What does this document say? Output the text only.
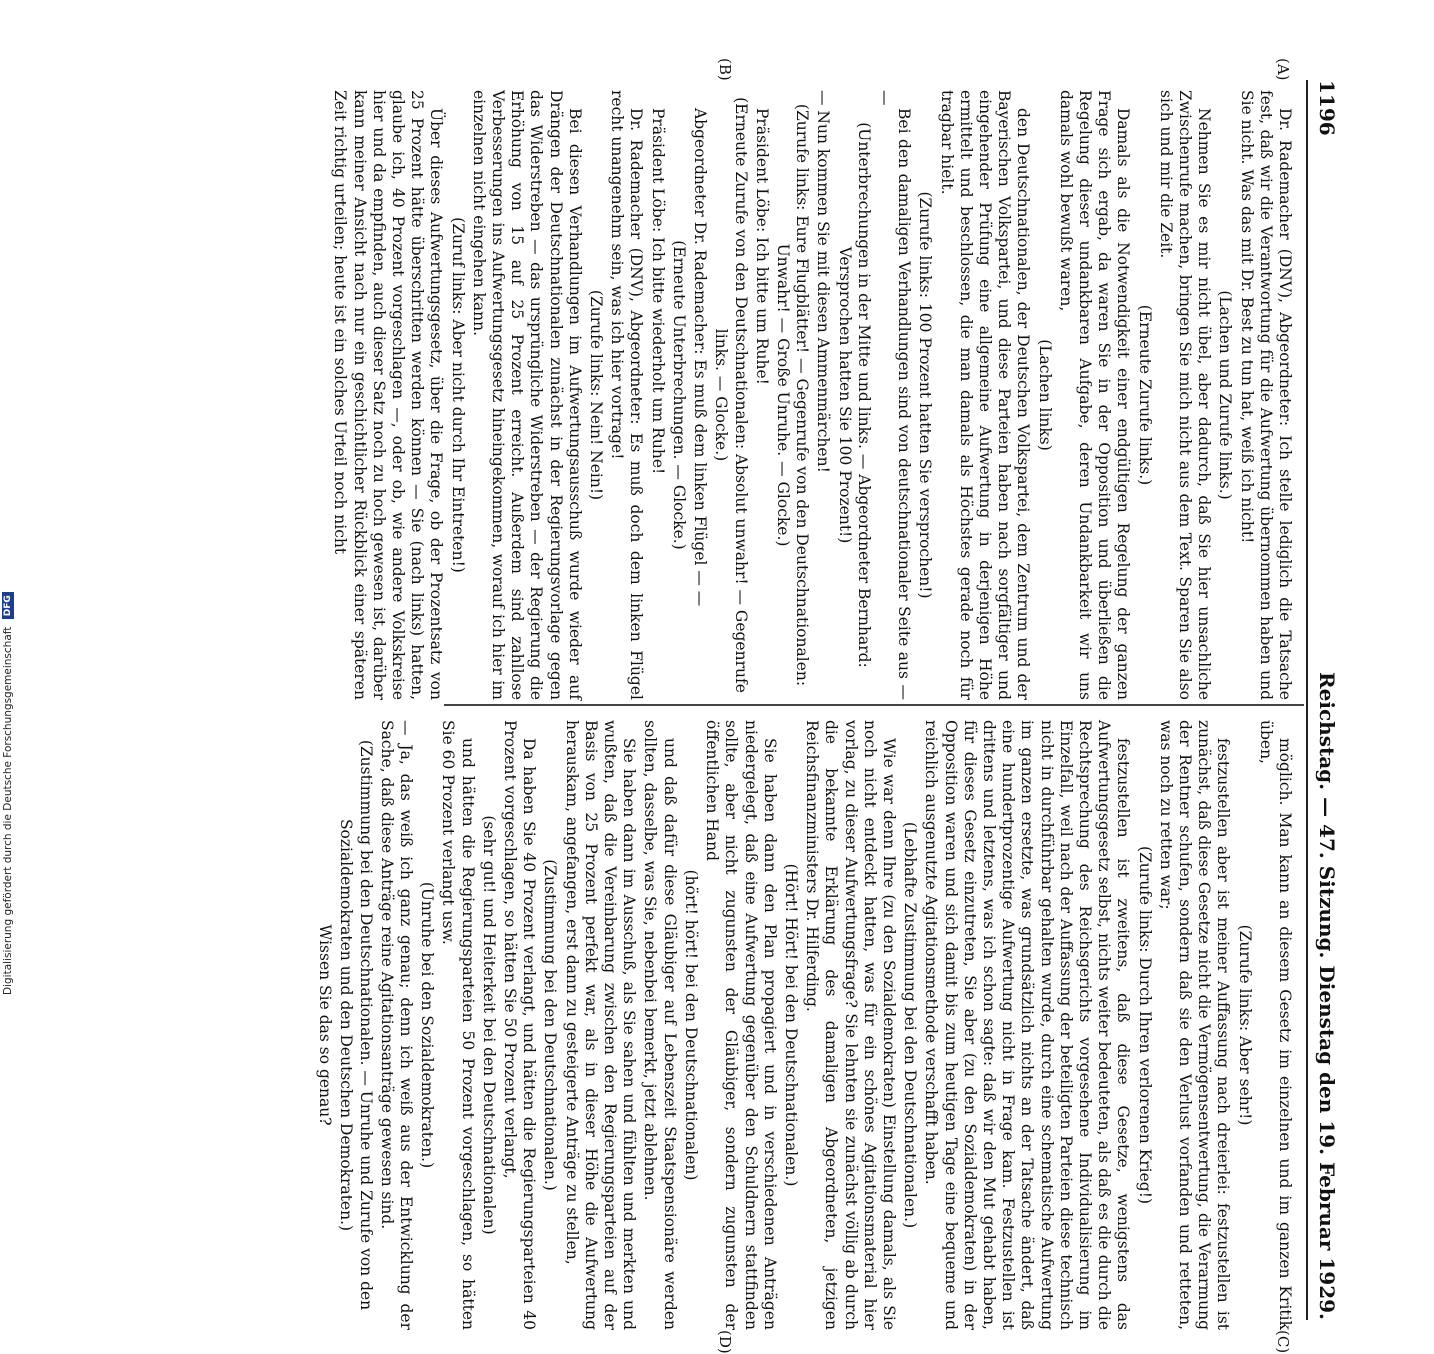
1196
Reichstag. — 47. Sitzung. Dienstag den 19. Februar 1929.
(A)
(B)
(C)
(D)

Dr. Rademacher (DNV), Abgeordneter: Ich stelle lediglich die Tatsache fest, daß wir die Verantwortung für die Aufwertung übernommen haben und Sie nicht. Was das mit Dr. Best zu tun hat, weiß ich nicht!

(Lachen und Zurufe links.)

Nehmen Sie es mir nicht übel, aber dadurch, daß Sie hier unsachliche Zwischenrufe machen, bringen Sie mich nicht aus dem Text. Sparen Sie also sich und mir die Zeit.

(Erneute Zurufe links.)

Damals als die Notwendigkeit einer endgültigen Regelung der ganzen Frage sich ergab, da waren Sie in der Opposition und überließen die Regelung dieser undankbaren Aufgabe, deren Undankbarkeit wir uns damals wohl bewußt waren,

(Lachen links)

den Deutschnationalen, der Deutschen Volkspartei, dem Zentrum und der Bayerischen Volkspartei, und diese Parteien haben nach sorgfältiger und eingehender Prüfung eine allgemeine Aufwertung in derjenigen Höhe ermittelt und beschlossen, die man damals als Höchstes gerade noch für tragbar hielt.

(Zurufe links: 100 Prozent hatten Sie versprochen!)

Bei den damaligen Verhandlungen sind von deutschnationaler Seite aus — —

(Unterbrechungen in der Mitte und links. — Abgeordneter Bernhard: Versprochen hatten Sie 100 Prozent!)

— Nun kommen Sie mit diesen Ammenmärchen!

(Zurufe links: Eure Flugblätter! — Gegenrufe von den Deutschnationalen: Unwahr! — Große Unruhe. — Glocke.)

Präsident Löbe: Ich bitte um Ruhe!

(Erneute Zurufe von den Deutschnationalen: Absolut unwahr! — Gegenrufe links. — Glocke.)

Abgeordneter Dr. Rademacher: Es muß dem linken Flügel — —

(Erneute Unterbrechungen. — Glocke.)

Präsident Löbe: Ich bitte wiederholt um Ruhe!

Dr. Rademacher (DNV), Abgeordneter: Es muß doch dem linken Flügel recht unangenehm sein, was ich hier vortrage!

(Zurufe links: Nein! Nein!)

Bei diesen Verhandlungen im Aufwertungsausschuß wurde wieder auf Drängen der Deutschnationalen zunächst in der Regierungsvorlage gegen das Widerstreben — das ursprüngliche Widerstreben — der Regierung die Erhöhung von 15 auf 25 Prozent erreicht. Außerdem sind zahllose Verbesserungen ins Aufwertungsgesetz hineingekommen, worauf ich hier im einzelnen nicht eingehen kann.

(Zuruf links: Aber nicht durch Ihr Eintreten!)

Über dieses Aufwertungsgesetz, über die Frage, ob der Prozentsatz von 25 Prozent hätte überschritten werden können — Sie (nach links) hatten, glaube ich, 40 Prozent vorgeschlagen —, oder ob, wie andere Volkskreise hier und da empfinden, auch dieser Satz noch zu hoch gewesen ist, darüber kann meiner Ansicht nach nur ein geschichtlicher Rückblick einer späteren Zeit richtig urteilen; heute ist ein solches Urteil noch nicht

möglich. Man kann an diesem Gesetz im einzelnen und im ganzen Kritik üben,

(Zurufe links: Aber sehr!)

festzustellen aber ist meiner Auffassung nach dreierlei: festzustellen ist zunächst, daß diese Gesetze nicht die Vermögensentwertung, die Verarmung der Rentner schufen, sondern daß sie den Verlust vorfanden und retteten, was noch zu retten war;

(Zurufe links: Durch Ihren verlorenen Krieg!)

festzustellen ist zweitens, daß diese Gesetze, wenigstens das Aufwertungsgesetz selbst, nichts weiter bedeuteten, als daß es die durch die Rechtsprechung des Reichsgerichts vorgesehene Individualisierung im Einzelfall, weil nach der Auffassung der beteiligten Parteien diese technisch nicht in durchführbar gehalten wurde, durch eine schematische Aufwertung im ganzen ersetzte, was grundsätzlich nichts an der Tatsache ändert, daß eine hundertprozentige Aufwertung nicht in Frage kam. Festzustellen ist drittens und letztens, was ich schon sagte: daß wir den Mut gehabt haben, für dieses Gesetz einzutreten, Sie aber (zu den Sozialdemokraten) in der Opposition waren und sich damit bis zum heutigen Tage eine bequeme und reichlich ausgenutzte Agitationsmethode verschafft haben.

(Lebhafte Zustimmung bei den Deutschnationalen.)

Wie war denn Ihre (zu den Sozialdemokraten) Einstellung damals, als Sie noch nicht entdeckt hatten, was für ein schönes Agitationsmaterial hier vorlag, zu dieser Aufwertungsfrage? Sie lehnten sie zunächst völlig ab durch die bekannte Erklärung des damaligen Abgeordneten, jetzigen Reichsfinanzministers Dr. Hilferding.

(Hört! Hört! bei den Deutschnationalen.)

Sie haben dann den Plan propagiert und in verschiedenen Anträgen niedergelegt, daß eine Aufwertung gegenüber den Schuldnern stattfinden sollte, aber nicht zugunsten der Gläubiger, sondern zugunsten der öffentlichen Hand

(hört! hört! bei den Deutschnationalen)

und daß dafür diese Gläubiger auf Lebenszeit Staatspensionäre werden sollten, dasselbe, was Sie, nebenbei bemerkt, jetzt ablehnen.

Sie haben dann im Ausschuß, als Sie sahen und fühlten und merkten und wußten, daß die Vereinbarung zwischen den Regierungsparteien auf der Basis von 25 Prozent perfekt war, als in dieser Höhe die Aufwertung herauskam, angefangen, erst dann zu gesteigerte Anträge zu stellen,

(Zustimmung bei den Deutschnationalen.)

Da haben Sie 40 Prozent verlangt, und hätten die Regierungsparteien 40 Prozent vorgeschlagen, so hätten Sie 50 Prozent verlangt,

(sehr gut! und Heiterkeit bei den Deutschnationalen)

und hätten die Regierungsparteien 50 Prozent vorgeschlagen, so hätten Sie 60 Prozent verlangt usw.

(Unruhe bei den Sozialdemokraten.)

— Ja, das weiß ich ganz genau; denn ich weiß aus der Entwicklung der Sache, daß diese Anträge reine Agitationsanträge gewesen sind.

(Zustimmung bei den Deutschnationalen. — Unruhe und Zurufe von den Sozialdemokraten und den Deutschen Demokraten.)

Wissen Sie das so genau?

Digitalisierung gefördert durch die Deutsche Forschungsgemeinschaft DFG
